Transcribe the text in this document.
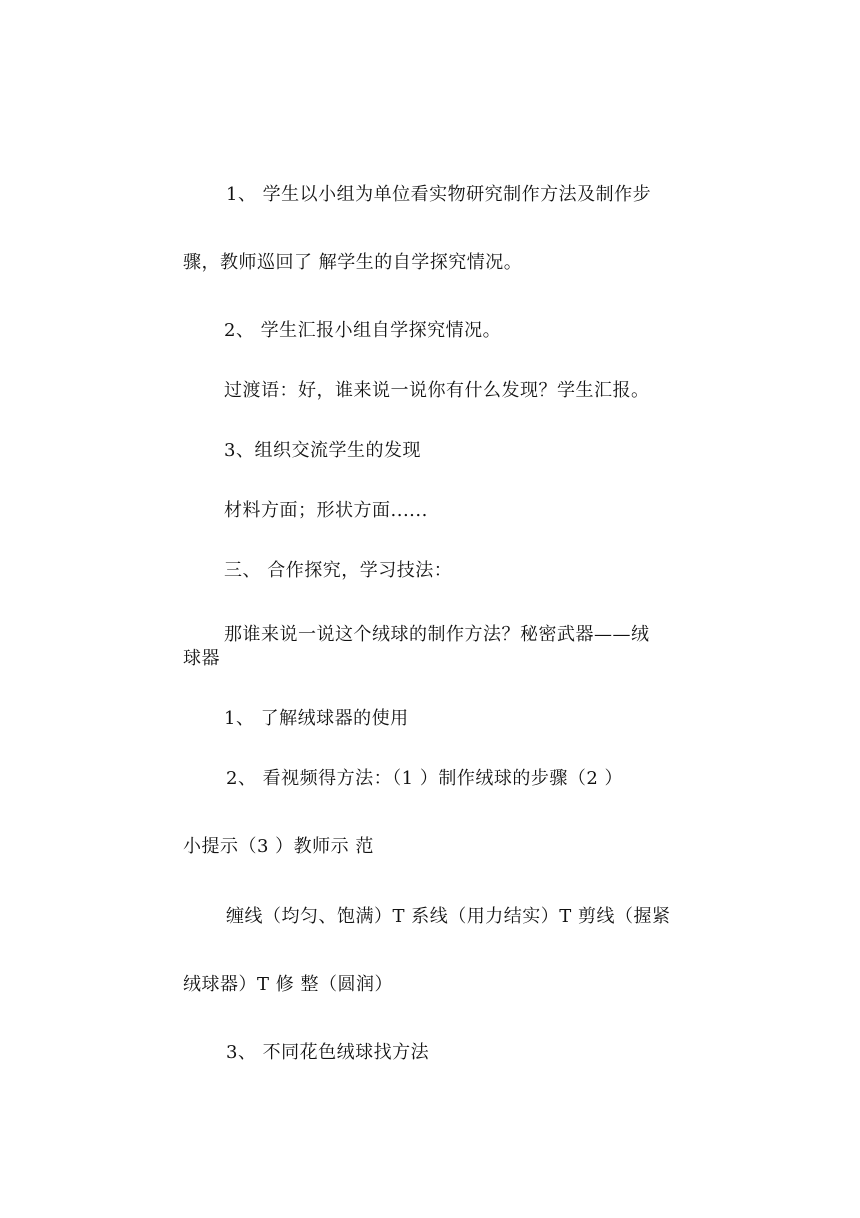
1、 学生以小组为单位看实物研究制作方法及制作步
骤，教师巡回了 解学生的自学探究情况。
2、 学生汇报小组自学探究情况。
过渡语：好，谁来说一说你有什么发现？学生汇报。
3、组织交流学生的发现
材料方面；形状方面......
三、 合作探究，学习技法：
那谁来说一说这个绒球的制作方法？秘密武器——绒
球器
1、 了解绒球器的使用
2、 看视频得方法：（1 ）制作绒球的步骤（2 ）
小提示（3 ）教师示 范
缠线（均匀、饱满）T 系线（用力结实）T 剪线（握紧
绒球器）T 修 整（圆润）
3、 不同花色绒球找方法
